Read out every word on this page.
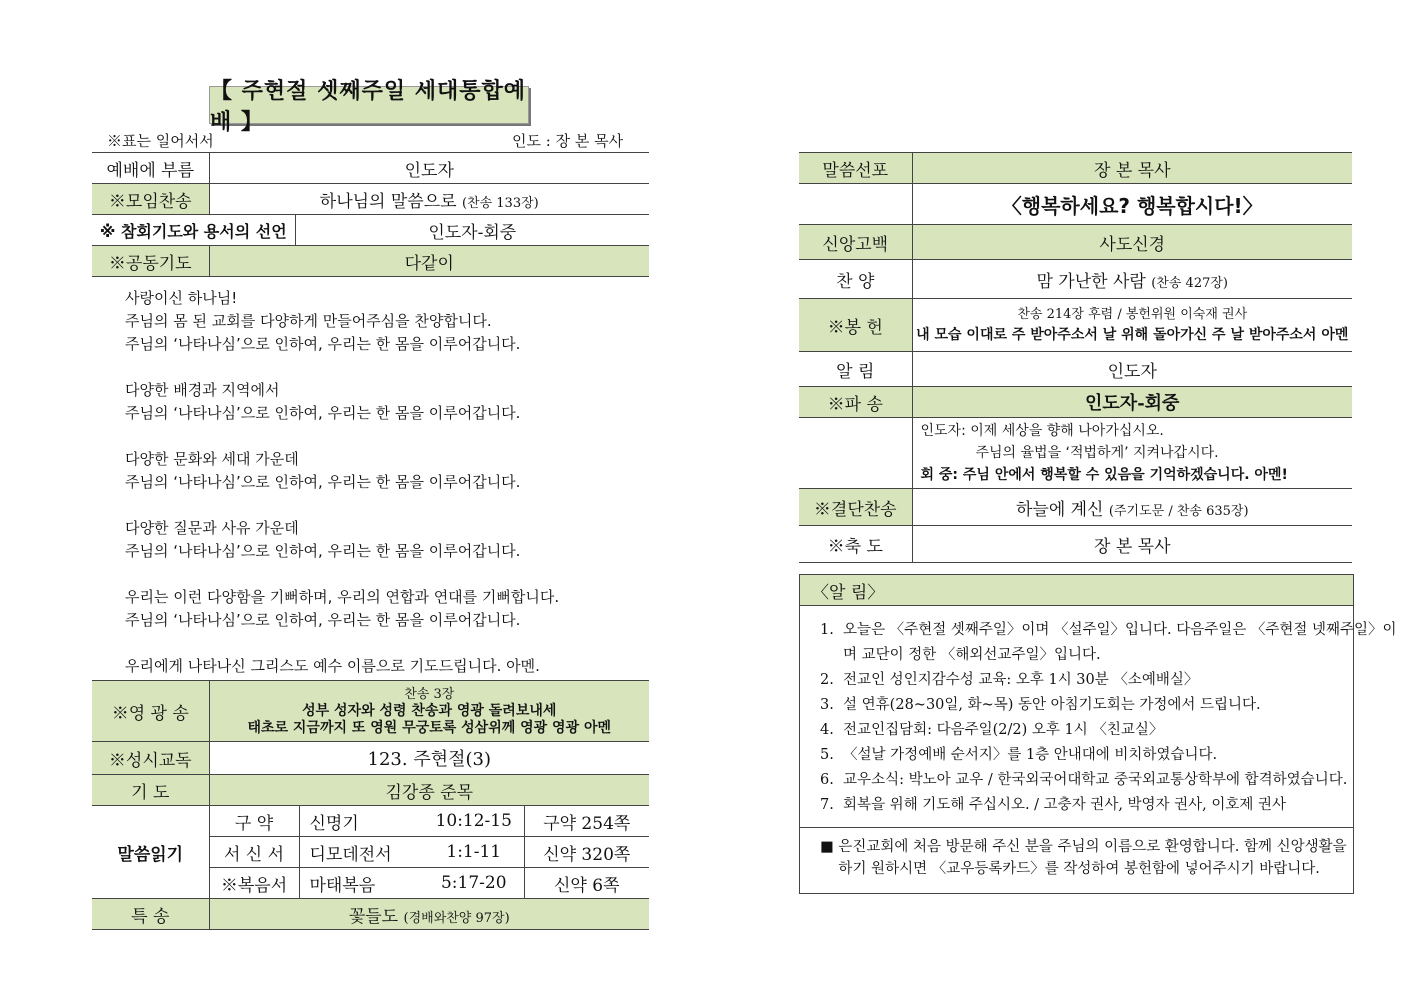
【 주현절 셋째주일 세대통합예배 】
※표는 일어서서	인도 : 장 본 목사
예배에 부름	인도자	
※모임찬송	하나님의 말씀으로 (찬송 133장)	
※ 참회기도와 용서의 선언		인도자-회중
※공동기도	다같이	

사랑이신 하나님!

주님의 몸 된 교회를 다양하게 만들어주심을 찬양합니다.

주님의 ‘나타나심’으로 인하여, 우리는 한 몸을 이루어갑니다.

다양한 배경과 지역에서

주님의 ‘나타나심’으로 인하여, 우리는 한 몸을 이루어갑니다.

다양한 문화와 세대 가운데

주님의 ‘나타나심’으로 인하여, 우리는 한 몸을 이루어갑니다.

다양한 질문과 사유 가운데

주님의 ‘나타나심’으로 인하여, 우리는 한 몸을 이루어갑니다.

우리는 이런 다양함을 기뻐하며, 우리의 연합과 연대를 기뻐합니다.

주님의 ‘나타나심’으로 인하여, 우리는 한 몸을 이루어갑니다.

우리에게 나타나신 그리스도 예수 이름으로 기도드립니다. 아멘.

※영 광 송	찬송 3장
성부 성자와 성령 찬송과 영광 돌려보내세
태초로 지금까지 또 영원 무궁토록 성삼위께 영광 영광 아멘			

※성시교독	123. 주현절(3)			
기 도	김강종 준목			
말씀읽기	구 약	신명기	10:12-15	구약 254쪽
	서 신 서	디모데전서	1:1-11	신약 320쪽
	※복음서	마태복음	5:17-20	신약 6쪽
특 송	꽃들도 (경배와찬양 97장)			
말씀선포	장 본 목사
	〈행복하세요? 행복합시다!〉
신앙고백	사도신경
찬 양	맘 가난한 사람 (찬송 427장)
※봉 헌	찬송 214장 후렴 / 봉헌위원 이숙재 권사
내 모습 이대로 주 받아주소서 날 위해 돌아가신 주 날 받아주소서 아멘

알 림	인도자
※파 송	인도자-회중

	인도자: 이제 세상을 향해 나아가십시오.
주님의 율법을 ‘적법하게’ 지켜나갑시다.
회 중: 주님 안에서 행복할 수 있음을 기억하겠습니다. 아멘!

※결단찬송	하늘에 계신 (주기도문 / 찬송 635장)
※축 도	장 본 목사
〈알 림〉
1.  오늘은 〈주현절 셋째주일〉이며 〈설주일〉입니다. 다음주일은 〈주현절 넷째주일〉이
며 교단이 정한 〈해외선교주일〉입니다.
2.  전교인 성인지감수성 교육: 오후 1시 30분 〈소예배실〉
3.  설 연휴(28~30일, 화~목) 동안 아침기도회는 가정에서 드립니다.
4.  전교인집담회: 다음주일(2/2) 오후 1시 〈친교실〉
5.  〈설날 가정예배 순서지〉를 1층 안내대에 비치하였습니다.
6.  교우소식: 박노아 교우 / 한국외국어대학교 중국외교통상학부에 합격하였습니다.
7.  회복을 위해 기도해 주십시오. / 고충자 권사, 박영자 권사, 이호제 권사
■ 은진교회에 처음 방문해 주신 분을 주님의 이름으로 환영합니다. 함께 신앙생활을
하기 원하시면 〈교우등록카드〉를 작성하여 봉헌함에 넣어주시기 바랍니다.
